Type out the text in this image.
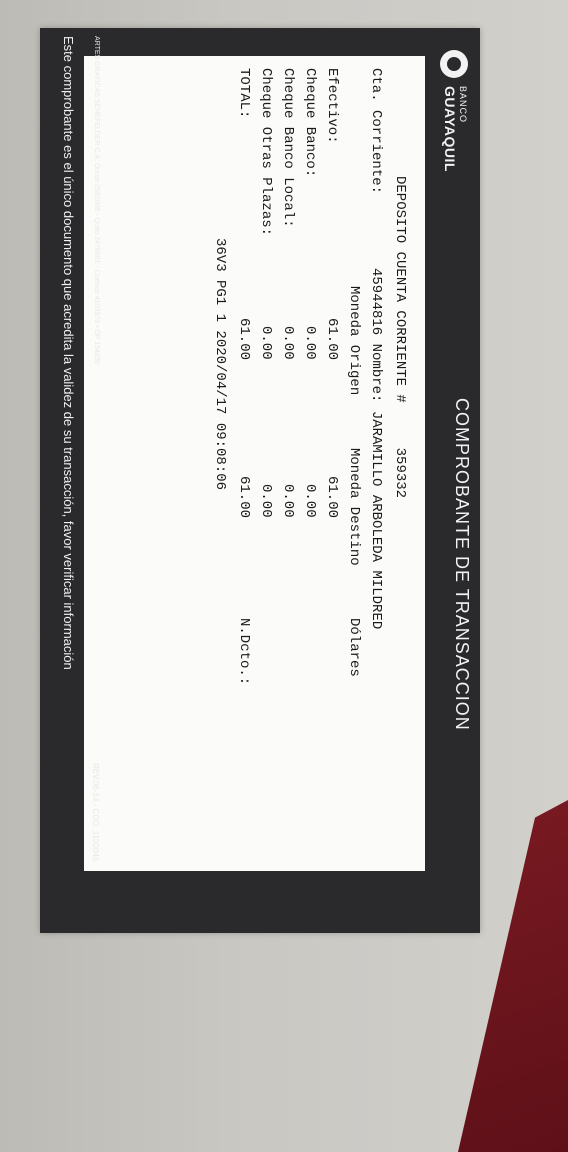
BANCO
GUAYAQUIL
COMPROBANTE DE TRANSACCION
DEPOSITO CUENTA CORRIENTE #  359332
Cta. Corriente:
45944816 Nombre: JARAMILLO ARBOLEDA MILDRED
Moneda Origen
Moneda Destino
Dólares
Efectivo:
61.00
61.00
Cheque Banco:
0.00
0.00
Cheque Banco Local:
0.00
0.00
Cheque Otras Plazas:
0.00
0.00
TOTAL:
61.00
61.00
N.Dcto.:
36V3 PG1 1 2020/04/17 09:08:06
ARTES GRAFICAS SENEFELDER C.A. Duran 2591000 - Quito 2478961 - Cuenca 4103978 • OP 154230
REV.06-14 - COD. 1100045
Este comprobante es el único documento que acredita la validez de su transacción, favor verificar información
